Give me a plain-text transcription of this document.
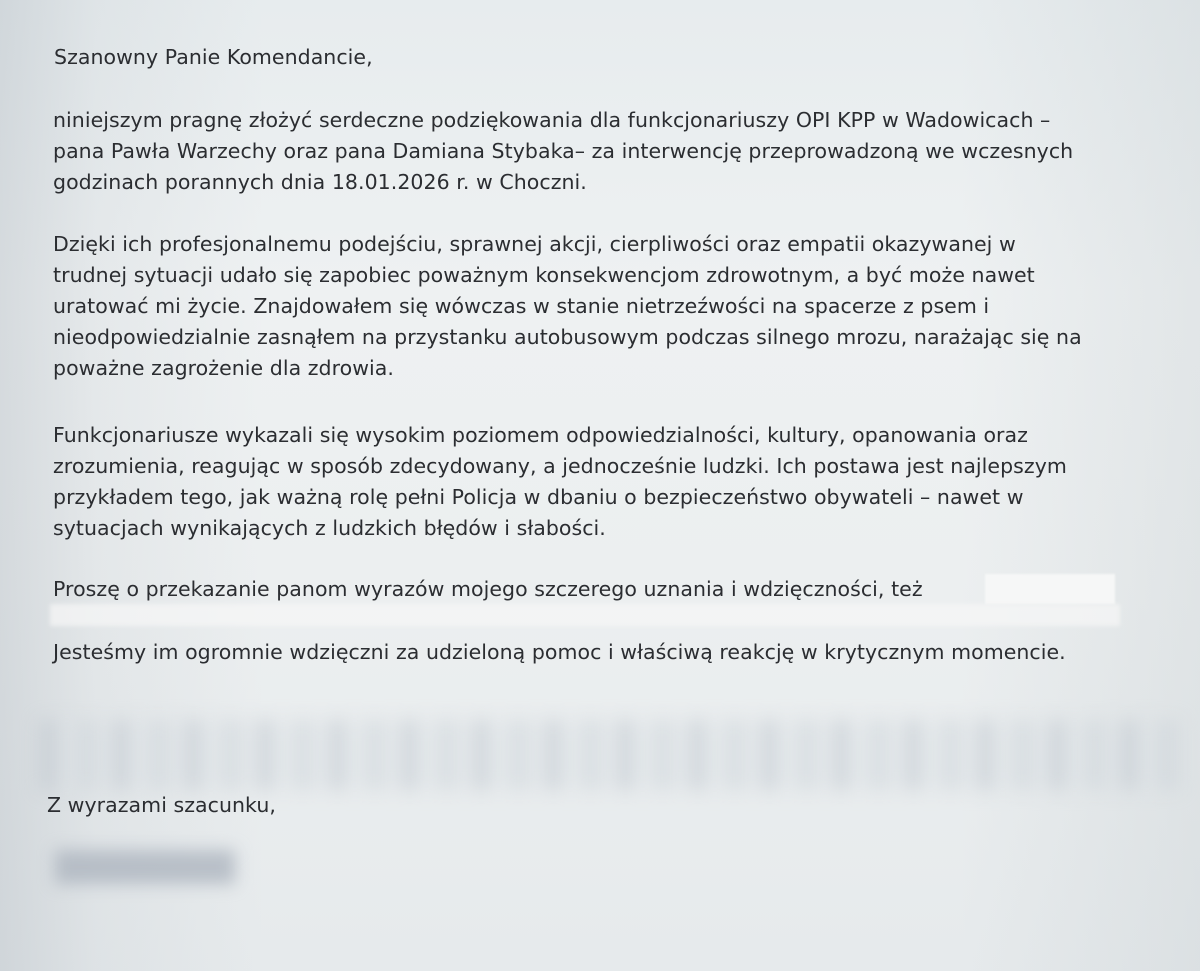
Szanowny Panie Komendancie,

niniejszym pragnę złożyć serdeczne podziękowania dla funkcjonariuszy OPI KPP w Wadowicach –
pana Pawła Warzechy oraz pana Damiana Stybaka– za interwencję przeprowadzoną we wczesnych
godzinach porannych dnia 18.01.2026 r. w Choczni.
Dzięki ich profesjonalnemu podejściu, sprawnej akcji, cierpliwości oraz empatii okazywanej w
trudnej sytuacji udało się zapobiec poważnym konsekwencjom zdrowotnym, a być może nawet
uratować mi życie. Znajdowałem się wówczas w stanie nietrzeźwości na spacerze z psem i
nieodpowiedzialnie zasnąłem na przystanku autobusowym podczas silnego mrozu, narażając się na
poważne zagrożenie dla zdrowia.
Funkcjonariusze wykazali się wysokim poziomem odpowiedzialności, kultury, opanowania oraz
zrozumienia, reagując w sposób zdecydowany, a jednocześnie ludzki. Ich postawa jest najlepszym
przykładem tego, jak ważną rolę pełni Policja w dbaniu o bezpieczeństwo obywateli – nawet w
sytuacjach wynikających z ludzkich błędów i słabości.
Proszę o przekazanie panom wyrazów mojego szczerego uznania i wdzięczności, też
Jesteśmy im ogromnie wdzięczni za udzieloną pomoc i właściwą reakcję w krytycznym momencie.

Z wyrazami szacunku,
